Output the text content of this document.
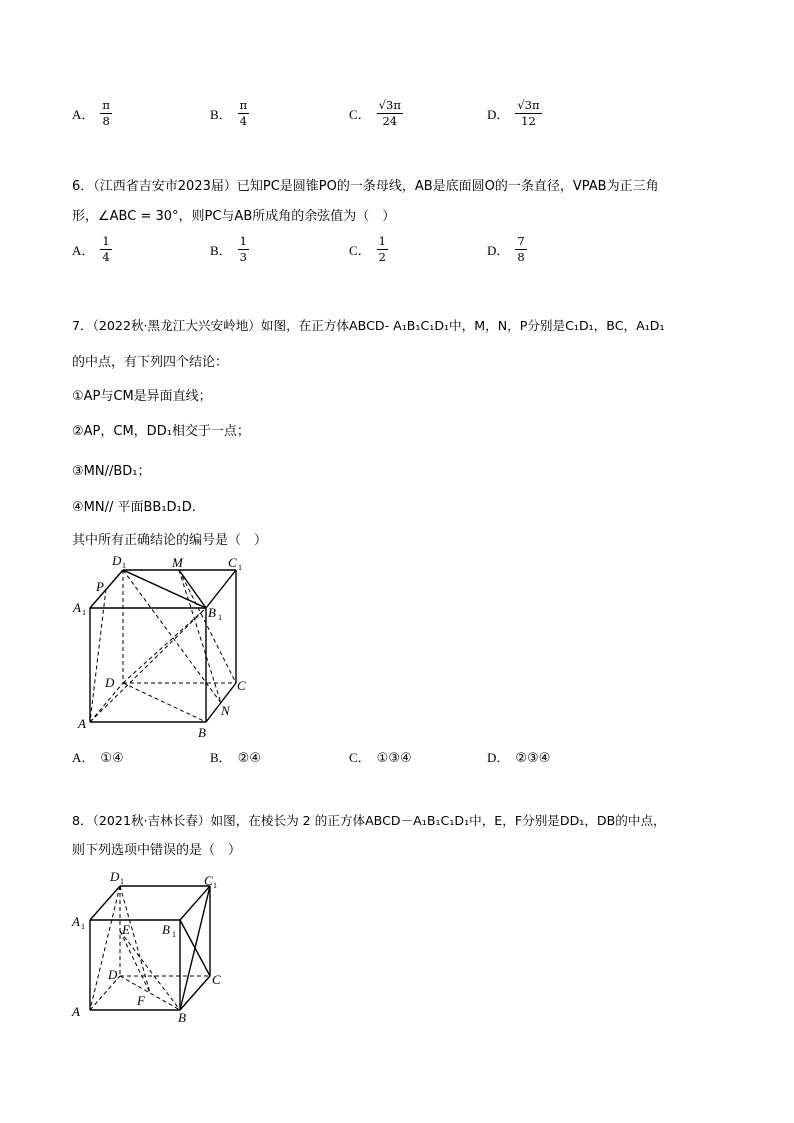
A． $\frac{\pi}{8}$	B． $\frac{\pi}{4}$	C． $\frac{√3\pi}{24}$	D． $\frac{√3\pi}{12}$
6．（江西省吉安市2023届）已知PC是圆锥PO的一条母线，AB是底面圆O的一条直径，VPAB为正三角
形，∠ABC = 30°，则PC与AB所成角的余弦值为（　）
A． $\frac{1}{4}$	B． $\frac{1}{3}$	C． $\frac{1}{2}$	D． $\frac{7}{8}$
7．（2022秋·黑龙江大兴安岭地）如图，在正方体ABCD- A₁B₁C₁D₁中，M，N，P分别是C₁D₁，BC，A₁D₁
的中点，有下列四个结论：
①AP与CM是异面直线；
②AP，CM，DD₁相交于一点；
③MN//BD₁；
④MN// 平面BB₁D₁D．
其中所有正确结论的编号是（　）
D 1	M	C 1
P
A 1	B 1
D	C
N
A
B
A． ①④	B． ②④	C． ①③④	D． ②③④
8．（2021秋·吉林长春）如图，在棱长为 2 的正方体ABCD－A₁B₁C₁D₁中，E，F分别是DD₁，DB的中点，
则下列选项中错误的是（　）
D 1	C 1
A 1	E B 1
D	C
F
A	B
